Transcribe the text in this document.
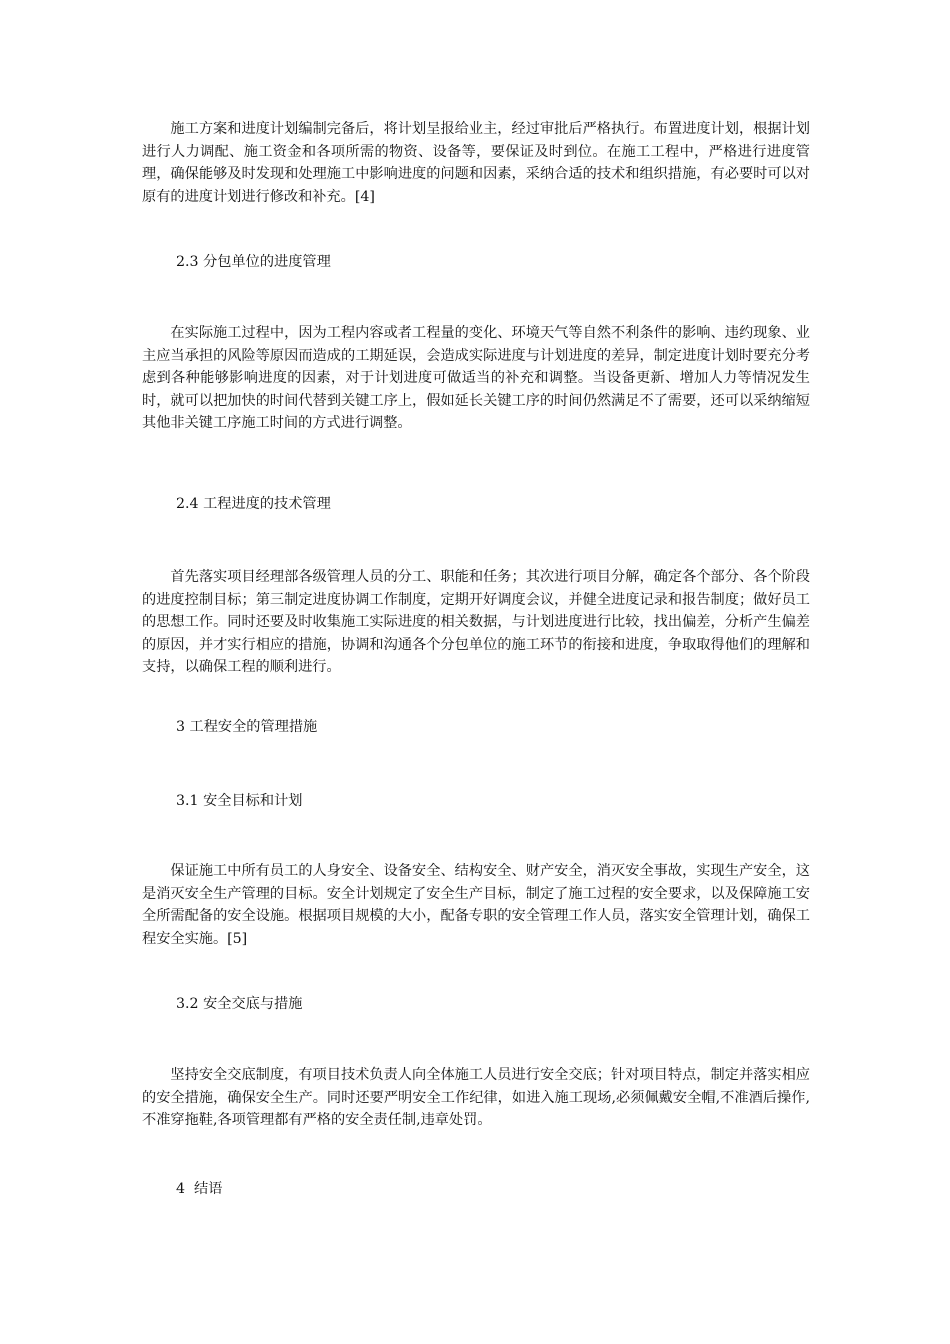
施工方案和进度计划编制完备后，将计划呈报给业主，经过审批后严格执行。布置进度计划，根据计划进行人力调配、施工资金和各项所需的物资、设备等，要保证及时到位。在施工工程中，严格进行进度管理，确保能够及时发现和处理施工中影响进度的问题和因素，采纳合适的技术和组织措施，有必要时可以对原有的进度计划进行修改和补充。[4]

2.3 分包单位的进度管理

在实际施工过程中，因为工程内容或者工程量的变化、环境天气等自然不利条件的影响、违约现象、业主应当承担的风险等原因而造成的工期延误，会造成实际进度与计划进度的差异，制定进度计划时要充分考虑到各种能够影响进度的因素，对于计划进度可做适当的补充和调整。当设备更新、增加人力等情况发生时，就可以把加快的时间代替到关键工序上，假如延长关键工序的时间仍然满足不了需要，还可以采纳缩短其他非关键工序施工时间的方式进行调整。

2.4 工程进度的技术管理

首先落实项目经理部各级管理人员的分工、职能和任务；其次进行项目分解，确定各个部分、各个阶段的进度控制目标；第三制定进度协调工作制度，定期开好调度会议，并健全进度记录和报告制度；做好员工的思想工作。同时还要及时收集施工实际进度的相关数据，与计划进度进行比较，找出偏差，分析产生偏差的原因，并才实行相应的措施，协调和沟通各个分包单位的施工环节的衔接和进度，争取取得他们的理解和支持，以确保工程的顺利进行。

3 工程安全的管理措施

3.1 安全目标和计划

保证施工中所有员工的人身安全、设备安全、结构安全、财产安全，消灭安全事故，实现生产安全，这是消灭安全生产管理的目标。安全计划规定了安全生产目标，制定了施工过程的安全要求，以及保障施工安全所需配备的安全设施。根据项目规模的大小，配备专职的安全管理工作人员，落实安全管理计划，确保工程安全实施。[5]

3.2 安全交底与措施

坚持安全交底制度，有项目技术负责人向全体施工人员进行安全交底；针对项目特点，制定并落实相应的安全措施，确保安全生产。同时还要严明安全工作纪律，如进入施工现场,必须佩戴安全帽,不准酒后操作,不准穿拖鞋,各项管理都有严格的安全责任制,违章处罚。

4  结语
